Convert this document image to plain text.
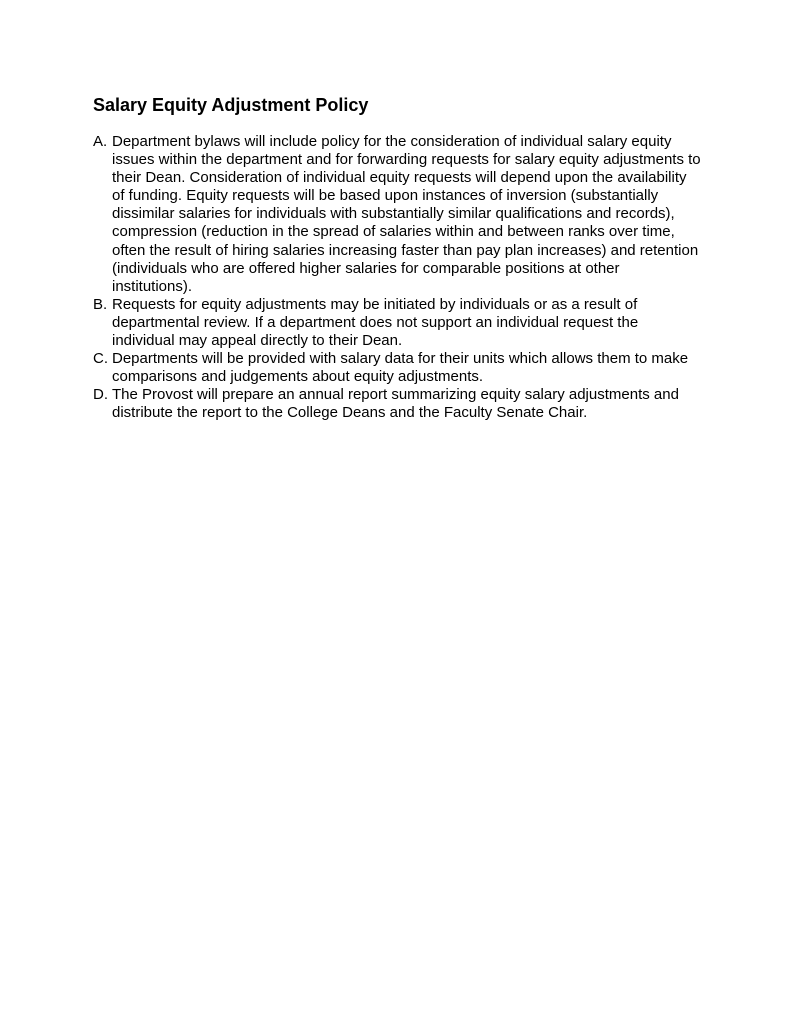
Salary Equity Adjustment Policy
A. Department bylaws will include policy for the consideration of individual salary equity issues within the department and for forwarding requests for salary equity adjustments to their Dean. Consideration of individual equity requests will depend upon the availability of funding. Equity requests will be based upon instances of inversion (substantially dissimilar salaries for individuals with substantially similar qualifications and records), compression (reduction in the spread of salaries within and between ranks over time, often the result of hiring salaries increasing faster than pay plan increases) and retention (individuals who are offered higher salaries for comparable positions at other institutions).
B. Requests for equity adjustments may be initiated by individuals or as a result of departmental review. If a department does not support an individual request the individual may appeal directly to their Dean.
C. Departments will be provided with salary data for their units which allows them to make comparisons and judgements about equity adjustments.
D. The Provost will prepare an annual report summarizing equity salary adjustments and distribute the report to the College Deans and the Faculty Senate Chair.
